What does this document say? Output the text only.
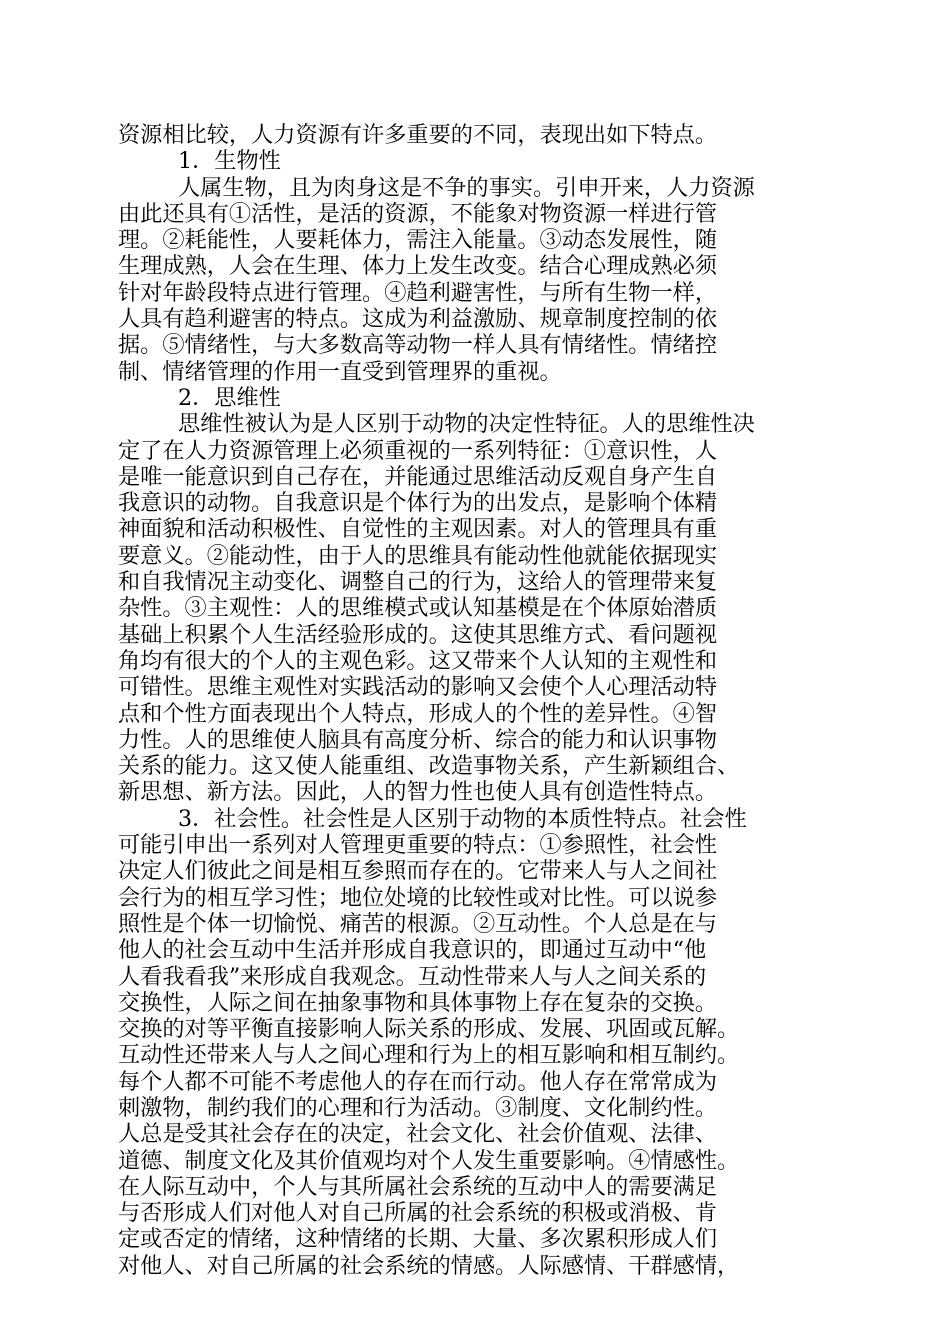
资源相比较，人力资源有许多重要的不同，表现出如下特点。
1．生物性
人属生物，且为肉身这是不争的事实。引申开来，人力资源
由此还具有①活性，是活的资源，不能象对物资源一样进行管
理。②耗能性，人要耗体力，需注入能量。③动态发展性，随
生理成熟，人会在生理、体力上发生改变。结合心理成熟必须
针对年龄段特点进行管理。④趋利避害性，与所有生物一样，
人具有趋利避害的特点。这成为利益激励、规章制度控制的依
据。⑤情绪性，与大多数高等动物一样人具有情绪性。情绪控
制、情绪管理的作用一直受到管理界的重视。
2．思维性
思维性被认为是人区别于动物的决定性特征。人的思维性决
定了在人力资源管理上必须重视的一系列特征：①意识性，人
是唯一能意识到自己存在，并能通过思维活动反观自身产生自
我意识的动物。自我意识是个体行为的出发点，是影响个体精
神面貌和活动积极性、自觉性的主观因素。对人的管理具有重
要意义。②能动性，由于人的思维具有能动性他就能依据现实
和自我情况主动变化、调整自己的行为，这给人的管理带来复
杂性。③主观性：人的思维模式或认知基模是在个体原始潜质
基础上积累个人生活经验形成的。这使其思维方式、看问题视
角均有很大的个人的主观色彩。这又带来个人认知的主观性和
可错性。思维主观性对实践活动的影响又会使个人心理活动特
点和个性方面表现出个人特点，形成人的个性的差异性。④智
力性。人的思维使人脑具有高度分析、综合的能力和认识事物
关系的能力。这又使人能重组、改造事物关系，产生新颖组合、
新思想、新方法。因此，人的智力性也使人具有创造性特点。
3．社会性。社会性是人区别于动物的本质性特点。社会性
可能引申出一系列对人管理更重要的特点：①参照性，社会性
决定人们彼此之间是相互参照而存在的。它带来人与人之间社
会行为的相互学习性；地位处境的比较性或对比性。可以说参
照性是个体一切愉悦、痛苦的根源。②互动性。个人总是在与
他人的社会互动中生活并形成自我意识的，即通过互动中“他
人看我看我”来形成自我观念。互动性带来人与人之间关系的
交换性，人际之间在抽象事物和具体事物上存在复杂的交换。
交换的对等平衡直接影响人际关系的形成、发展、巩固或瓦解。
互动性还带来人与人之间心理和行为上的相互影响和相互制约。
每个人都不可能不考虑他人的存在而行动。他人存在常常成为
刺激物，制约我们的心理和行为活动。③制度、文化制约性。
人总是受其社会存在的决定，社会文化、社会价值观、法律、
道德、制度文化及其价值观均对个人发生重要影响。④情感性。
在人际互动中，个人与其所属社会系统的互动中人的需要满足
与否形成人们对他人对自己所属的社会系统的积极或消极、肯
定或否定的情绪，这种情绪的长期、大量、多次累积形成人们
对他人、对自己所属的社会系统的情感。人际感情、干群感情，
